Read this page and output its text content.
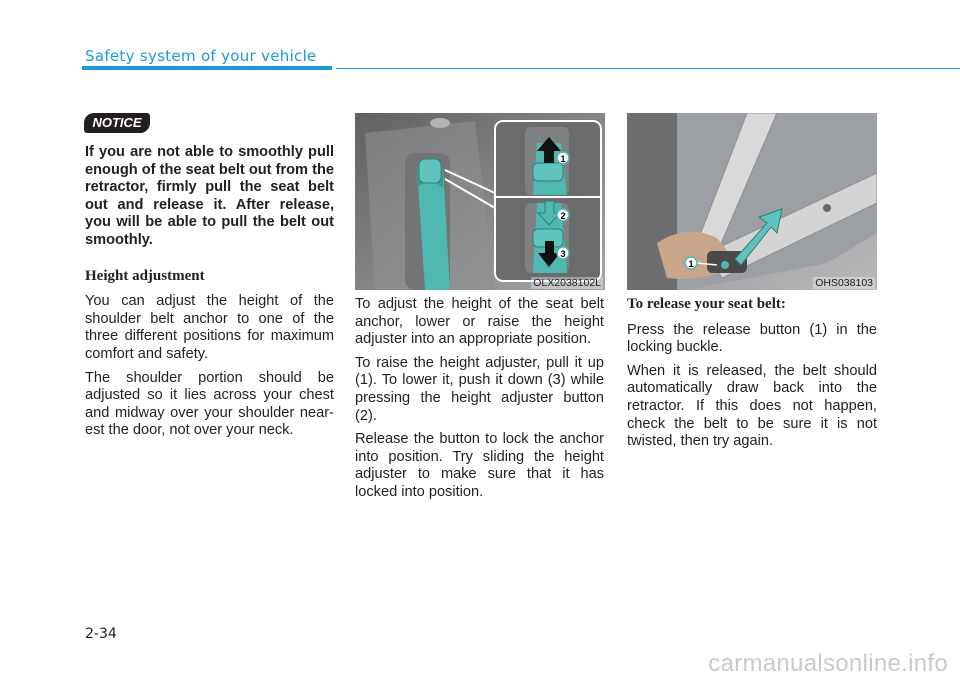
Safety system of your vehicle
NOTICE

If you are not able to smoothly pull enough of the seat belt out from the retractor, firmly pull the seat belt out and release it. After release, you will be able to pull the belt out smoothly.

Height adjustment

You can adjust the height of the shoulder belt anchor to one of the three different positions for maximum comfort and safety.

The shoulder portion should be adjusted so it lies across your chest and midway over your shoulder near-est the door, not over your neck.

1
2
3
OLX2038102L
1
OHS038103

To adjust the height of the seat belt anchor, lower or raise the height adjuster into an appropriate position.

To raise the height adjuster, pull it up (1). To lower it, push it down (3) while pressing the height adjuster button (2).

Release the button to lock the anchor into position. Try sliding the height adjuster to make sure that it has locked into position.

To release your seat belt:

Press the release button (1) in the locking buckle.

When it is released, the belt should automatically draw back into the retractor. If this does not happen, check the belt to be sure it is not twisted, then try again.

2-34
carmanualsonline.info
